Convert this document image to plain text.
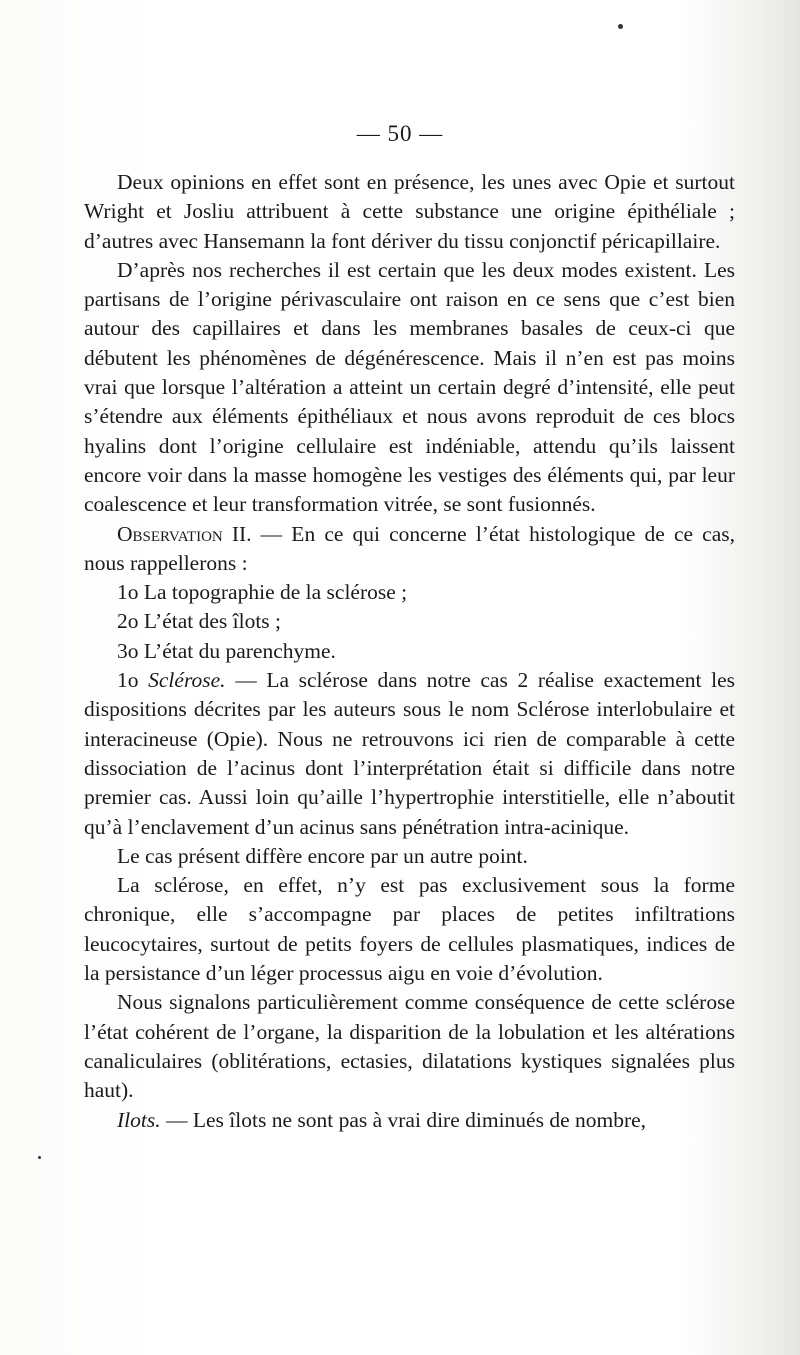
— 50 —

Deux opinions en effet sont en présence, les unes avec Opie et surtout Wright et Josliu attribuent à cette substance une origine épithéliale ; d’autres avec Hansemann la font dériver du tissu conjonctif péricapillaire.

D’après nos recherches il est certain que les deux modes existent. Les partisans de l’origine périvasculaire ont raison en ce sens que c’est bien autour des capillaires et dans les membranes basales de ceux-ci que débutent les phénomènes de dégénérescence. Mais il n’en est pas moins vrai que lorsque l’altération a atteint un certain degré d’intensité, elle peut s’étendre aux éléments épithéliaux et nous avons reproduit de ces blocs hyalins dont l’origine cellulaire est indéniable, attendu qu’ils laissent encore voir dans la masse homogène les vestiges des éléments qui, par leur coalescence et leur transformation vitrée, se sont fusionnés.

Observation II. — En ce qui concerne l’état histologique de ce cas, nous rappellerons :

1o La topographie de la sclérose ;

2o L’état des îlots ;

3o L’état du parenchyme.

1o Sclérose. — La sclérose dans notre cas 2 réalise exactement les dispositions décrites par les auteurs sous le nom Sclérose interlobulaire et interacineuse (Opie). Nous ne retrouvons ici rien de comparable à cette dissociation de l’acinus dont l’interprétation était si difficile dans notre premier cas. Aussi loin qu’aille l’hypertrophie interstitielle, elle n’aboutit qu’à l’enclavement d’un acinus sans pénétration intra-acinique.

Le cas présent diffère encore par un autre point.

La sclérose, en effet, n’y est pas exclusivement sous la forme chronique, elle s’accompagne par places de petites infiltrations leucocytaires, surtout de petits foyers de cellules plasmatiques, indices de la persistance d’un léger processus aigu en voie d’évolution.

Nous signalons particulièrement comme conséquence de cette sclérose l’état cohérent de l’organe, la disparition de la lobulation et les altérations canaliculaires (oblitérations, ectasies, dilatations kystiques signalées plus haut).

Ilots. — Les îlots ne sont pas à vrai dire diminués de nombre,
